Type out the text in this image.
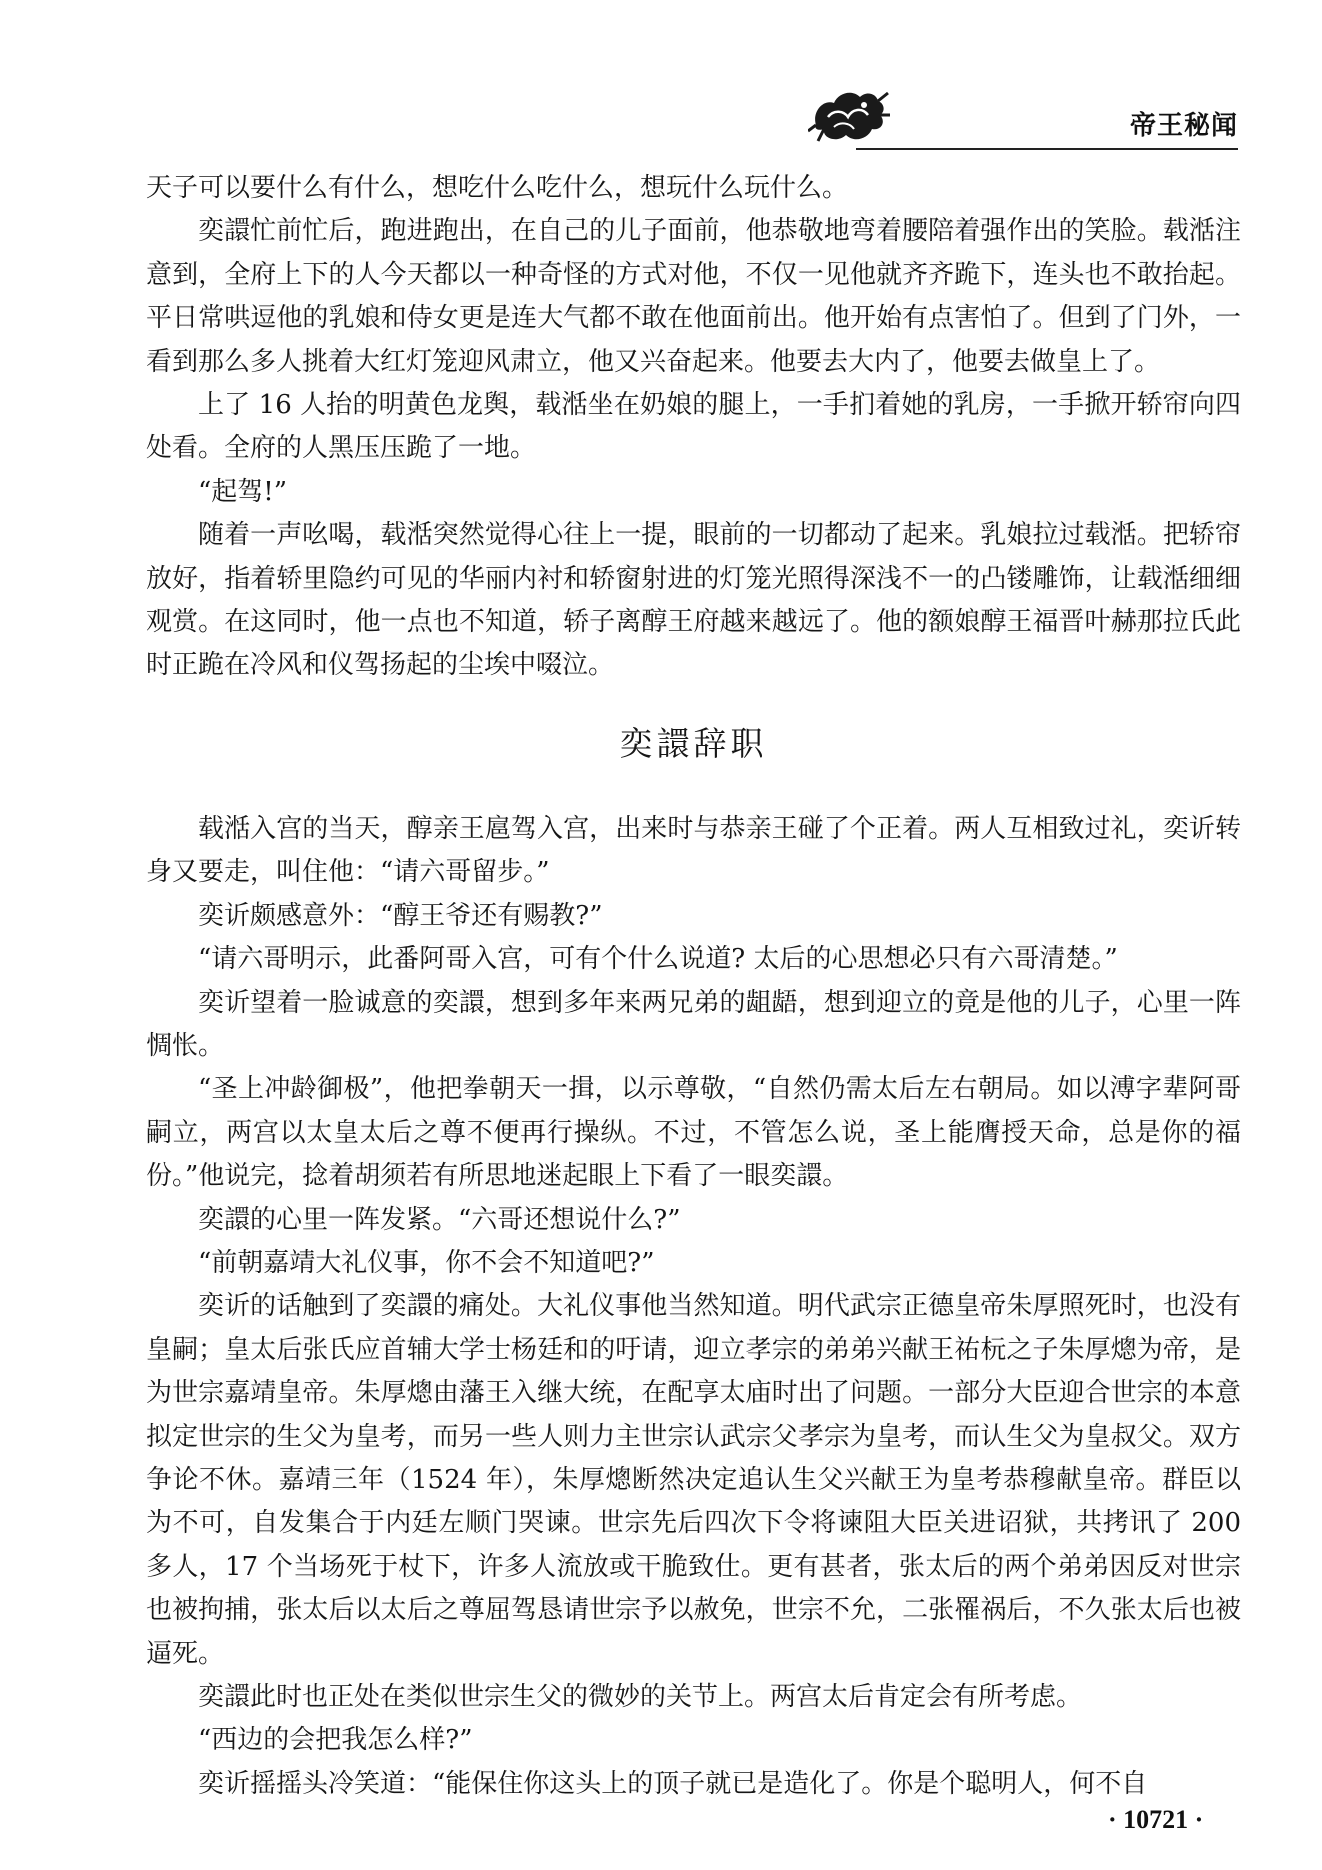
帝王秘闻

天子可以要什么有什么，想吃什么吃什么，想玩什么玩什么。

奕譞忙前忙后，跑进跑出，在自己的儿子面前，他恭敬地弯着腰陪着强作出的笑脸。载湉注意到，全府上下的人今天都以一种奇怪的方式对他，不仅一见他就齐齐跪下，连头也不敢抬起。平日常哄逗他的乳娘和侍女更是连大气都不敢在他面前出。他开始有点害怕了。但到了门外，一看到那么多人挑着大红灯笼迎风肃立，他又兴奋起来。他要去大内了，他要去做皇上了。

上了 16 人抬的明黄色龙舆，载湉坐在奶娘的腿上，一手扪着她的乳房，一手掀开轿帘向四处看。全府的人黑压压跪了一地。

“起驾!”

随着一声吆喝，载湉突然觉得心往上一提，眼前的一切都动了起来。乳娘拉过载湉。把轿帘放好，指着轿里隐约可见的华丽内衬和轿窗射进的灯笼光照得深浅不一的凸镂雕饰，让载湉细细观赏。在这同时，他一点也不知道，轿子离醇王府越来越远了。他的额娘醇王福晋叶赫那拉氏此时正跪在冷风和仪驾扬起的尘埃中啜泣。

奕譞辞职

载湉入宫的当天，醇亲王扈驾入宫，出来时与恭亲王碰了个正着。两人互相致过礼，奕䜣转身又要走，叫住他：“请六哥留步。”

奕䜣颇感意外：“醇王爷还有赐教?”

“请六哥明示，此番阿哥入宫，可有个什么说道? 太后的心思想必只有六哥清楚。”

奕䜣望着一脸诚意的奕譞，想到多年来两兄弟的龃龉，想到迎立的竟是他的儿子，心里一阵惆怅。

“圣上冲龄御极”，他把拳朝天一揖，以示尊敬，“自然仍需太后左右朝局。如以溥字辈阿哥嗣立，两宫以太皇太后之尊不便再行操纵。不过，不管怎么说，圣上能膺授天命，总是你的福份。”他说完，捻着胡须若有所思地迷起眼上下看了一眼奕譞。

奕譞的心里一阵发紧。“六哥还想说什么?”

“前朝嘉靖大礼仪事，你不会不知道吧?”

奕䜣的话触到了奕譞的痛处。大礼仪事他当然知道。明代武宗正德皇帝朱厚照死时，也没有皇嗣；皇太后张氏应首辅大学士杨廷和的吁请，迎立孝宗的弟弟兴献王祐杬之子朱厚熜为帝，是为世宗嘉靖皇帝。朱厚熜由藩王入继大统，在配享太庙时出了问题。一部分大臣迎合世宗的本意拟定世宗的生父为皇考，而另一些人则力主世宗认武宗父孝宗为皇考，而认生父为皇叔父。双方争论不休。嘉靖三年（1524 年），朱厚熜断然决定追认生父兴献王为皇考恭穆献皇帝。群臣以为不可，自发集合于内廷左顺门哭谏。世宗先后四次下令将谏阻大臣关进诏狱，共拷讯了 200 多人，17 个当场死于杖下，许多人流放或干脆致仕。更有甚者，张太后的两个弟弟因反对世宗也被拘捕，张太后以太后之尊屈驾恳请世宗予以赦免，世宗不允，二张罹祸后，不久张太后也被逼死。

奕譞此时也正处在类似世宗生父的微妙的关节上。两宫太后肯定会有所考虑。

“西边的会把我怎么样?”

奕䜣摇摇头冷笑道：“能保住你这头上的顶子就已是造化了。你是个聪明人，何不自

· 10721 ·
